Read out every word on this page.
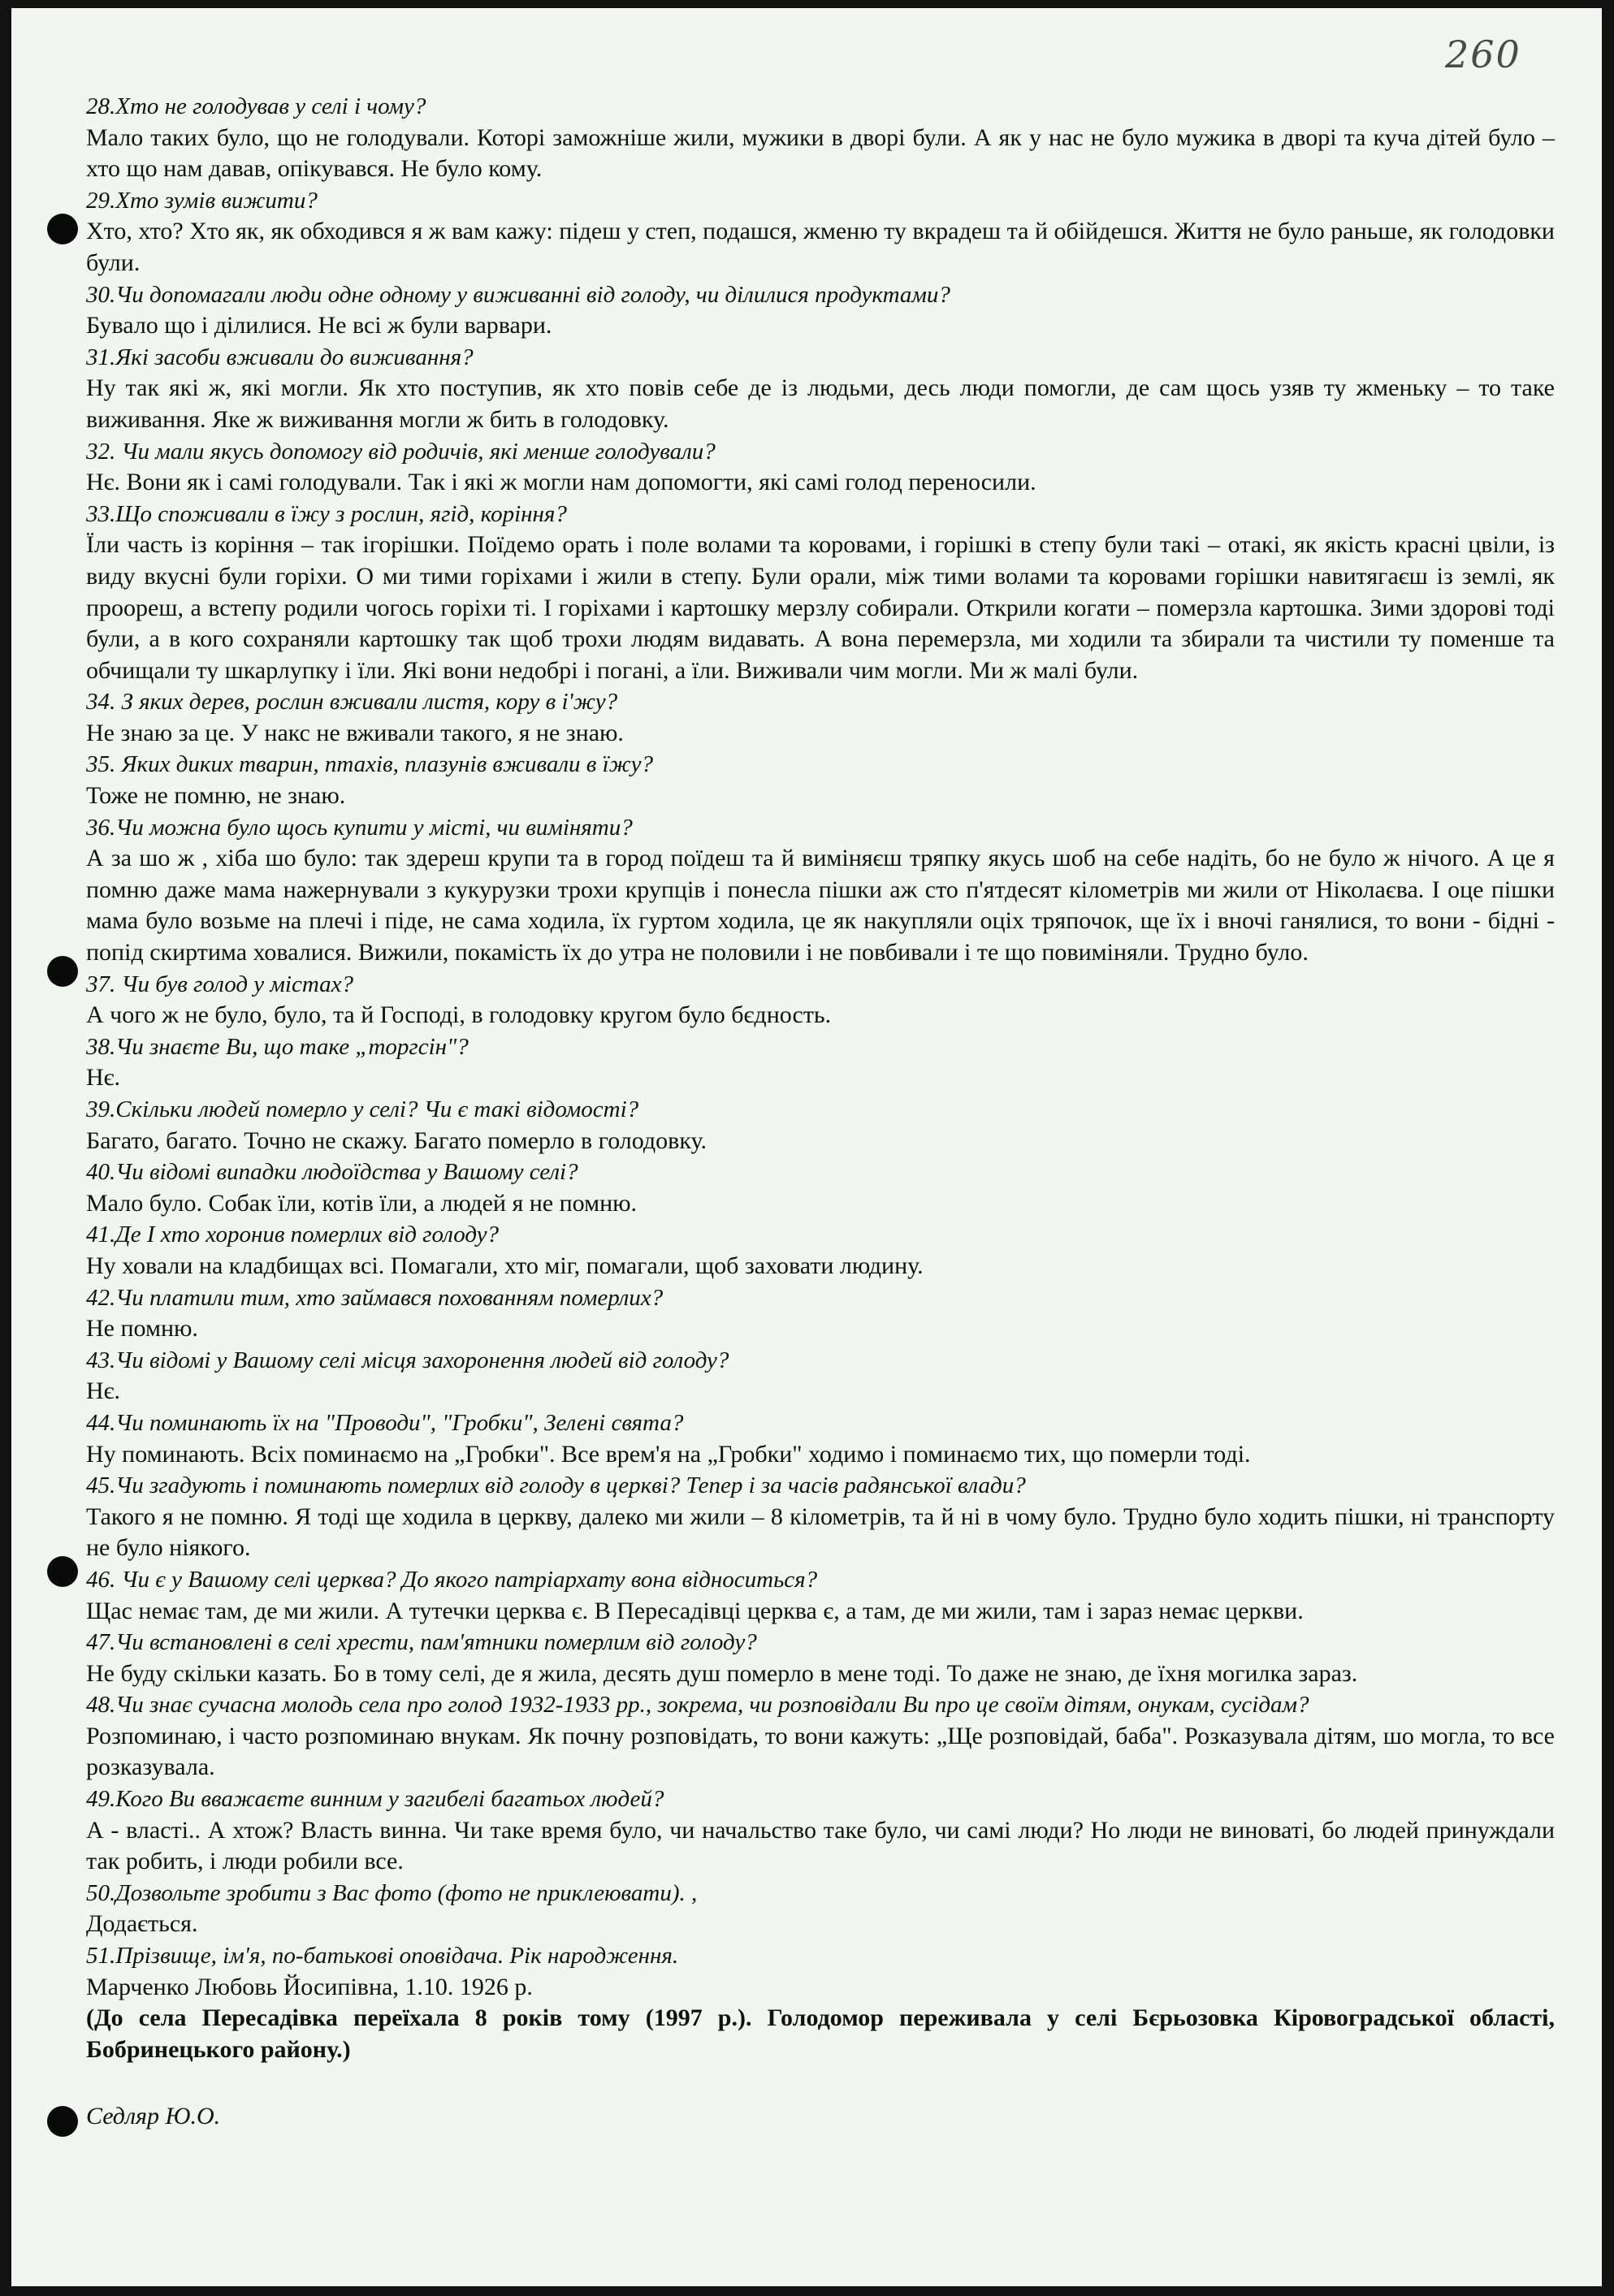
260
28.Хто не голодував у селі і чому?
Мало таких було, що не голодували. Которі заможніше жили, мужики в дворі були. А як у нас не було мужика в дворі та куча дітей було – хто що нам давав, опікувався. Не було кому.
29.Хто зумів вижити?
Хто, хто? Хто як, як обходився я ж вам кажу: підеш у степ, подашся, жменю ту вкрадеш та й обійдешся. Життя не було раньше, як голодовки були.
30.Чи допомагали люди одне одному у виживанні від голоду, чи ділилися продуктами?
Бувало що і ділилися. Не всі ж були варвари.
31.Які засоби вживали до виживання?
Ну так які ж, які могли. Як хто поступив, як хто повів себе де із людьми, десь люди помогли, де сам щось узяв ту жменьку – то таке виживання. Яке ж виживання могли ж бить в голодовку.
32. Чи мали якусь допомогу від родичів, які менше голодували?
Нє. Вони як і самі голодували. Так і які ж могли нам допомогти, які самі голод переносили.
33.Що споживали в їжу з рослин, ягід, коріння?
Їли часть із коріння – так ігорішки. Поїдемо орать і поле волами та коровами, і горішкі в степу були такі – отакі, як якість красні цвіли, із виду вкусні були горіхи. О ми тими горіхами і жили в степу. Були орали, між тими волами та коровами горішки навитягаєш із землі, як проореш, а встепу родили чогось горіхи ті. І горіхами і картошку мерзлу собирали. Открили когати – померзла картошка. Зими здорові тоді були, а в кого сохраняли картошку так щоб трохи людям видавать. А вона перемерзла, ми ходили та збирали та чистили ту поменше та обчищали ту шкарлупку і їли. Які вони недобрі і погані, а їли. Виживали чим могли. Ми ж малі були.
34. З яких дерев, рослин вживали листя, кору в і'жу?
Не знаю за це. У накс не вживали такого, я не знаю.
35. Яких диких тварин, птахів, плазунів вживали в їжу?
Тоже не помню, не знаю.
36.Чи можна було щось купити у місті, чи виміняти?
А за шо ж , хіба шо було: так здереш крупи та в город поїдеш та й виміняєш тряпку якусь шоб на себе надіть, бо не було ж нічого. А це я помню даже мама нажернували з кукурузки трохи крупців і понесла пішки аж сто п'ятдесят кілометрів ми жили от Ніколаєва. І оце пішки мама було возьме на плечі і піде, не сама ходила, їх гуртом ходила, це як накупляли оціх тряпочок, ще їх і вночі ганялися, то вони - бідні - попід скиртима ховалися. Вижили, покамість їх до утра не половили і не повбивали і те що повиміняли. Трудно було.
37. Чи був голод у містах?
А чого ж не було, було, та й Господі, в голодовку кругом було бєдность.
38.Чи знаєте Ви, що таке „торгсін"?
Нє.
39.Скільки людей померло у селі? Чи є такі відомості?
Багато, багато. Точно не скажу. Багато померло в голодовку.
40.Чи відомі випадки людоїдства у Вашому селі?
Мало було. Собак їли, котів їли, а людей я не помню.
41.Де І хто хоронив померлих від голоду?
Ну ховали на кладбищах всі. Помагали, хто міг, помагали, щоб заховати людину.
42.Чи платили тим, хто займався похованням померлих?
Не помню.
43.Чи відомі у Вашому селі місця захоронення людей від голоду?
Нє.
44.Чи поминають їх на "Проводи", "Гробки", Зелені свята?
Ну поминають. Всіх поминаємо на „Гробки". Все врем'я на „Гробки" ходимо і поминаємо тих, що померли тоді.
45.Чи згадують і поминають померлих від голоду в церкві? Тепер і за часів радянської влади?
Такого я не помню. Я тоді ще ходила в церкву, далеко ми жили – 8 кілометрів, та й ні в чому було. Трудно було ходить пішки, ні транспорту не було ніякого.
46. Чи є у Вашому селі церква? До якого патріархату вона відноситься?
Щас немає там, де ми жили. А тутечки церква є. В Пересадівці церква є, а там, де ми жили, там і зараз немає церкви.
47.Чи встановлені в селі хрести, пам'ятники померлим від голоду?
Не буду скільки казать. Бо в тому селі, де я жила, десять душ померло в мене тоді. То даже не знаю, де їхня могилка зараз.
48.Чи знає сучасна молодь села про голод 1932-1933 рр., зокрема, чи розповідали Ви про це своїм дітям, онукам, сусідам?
Розпоминаю, і часто розпоминаю внукам. Як почну розповідать, то вони кажуть: „Ще розповідай, баба". Розказувала дітям, шо могла, то все розказувала.
49.Кого Ви вважаєте винним у загибелі багатьох людей?
А - власті.. А хтож? Власть винна. Чи таке время було, чи начальство таке було, чи самі люди? Но люди не виноваті, бо людей принуждали так робить, і люди робили все.
50.Дозвольте зробити з Вас фото (фото не приклеювати). ,
Додається.
51.Прізвище, ім'я, по-батькові оповідача. Рік народження.
Марченко Любовь Йосипівна, 1.10. 1926 р.
(До села Пересадівка переїхала 8 років тому (1997 р.). Голодомор переживала у селі Бєрьозовка Кіровоградської області, Бобринецького району.)
Седляр Ю.О.
